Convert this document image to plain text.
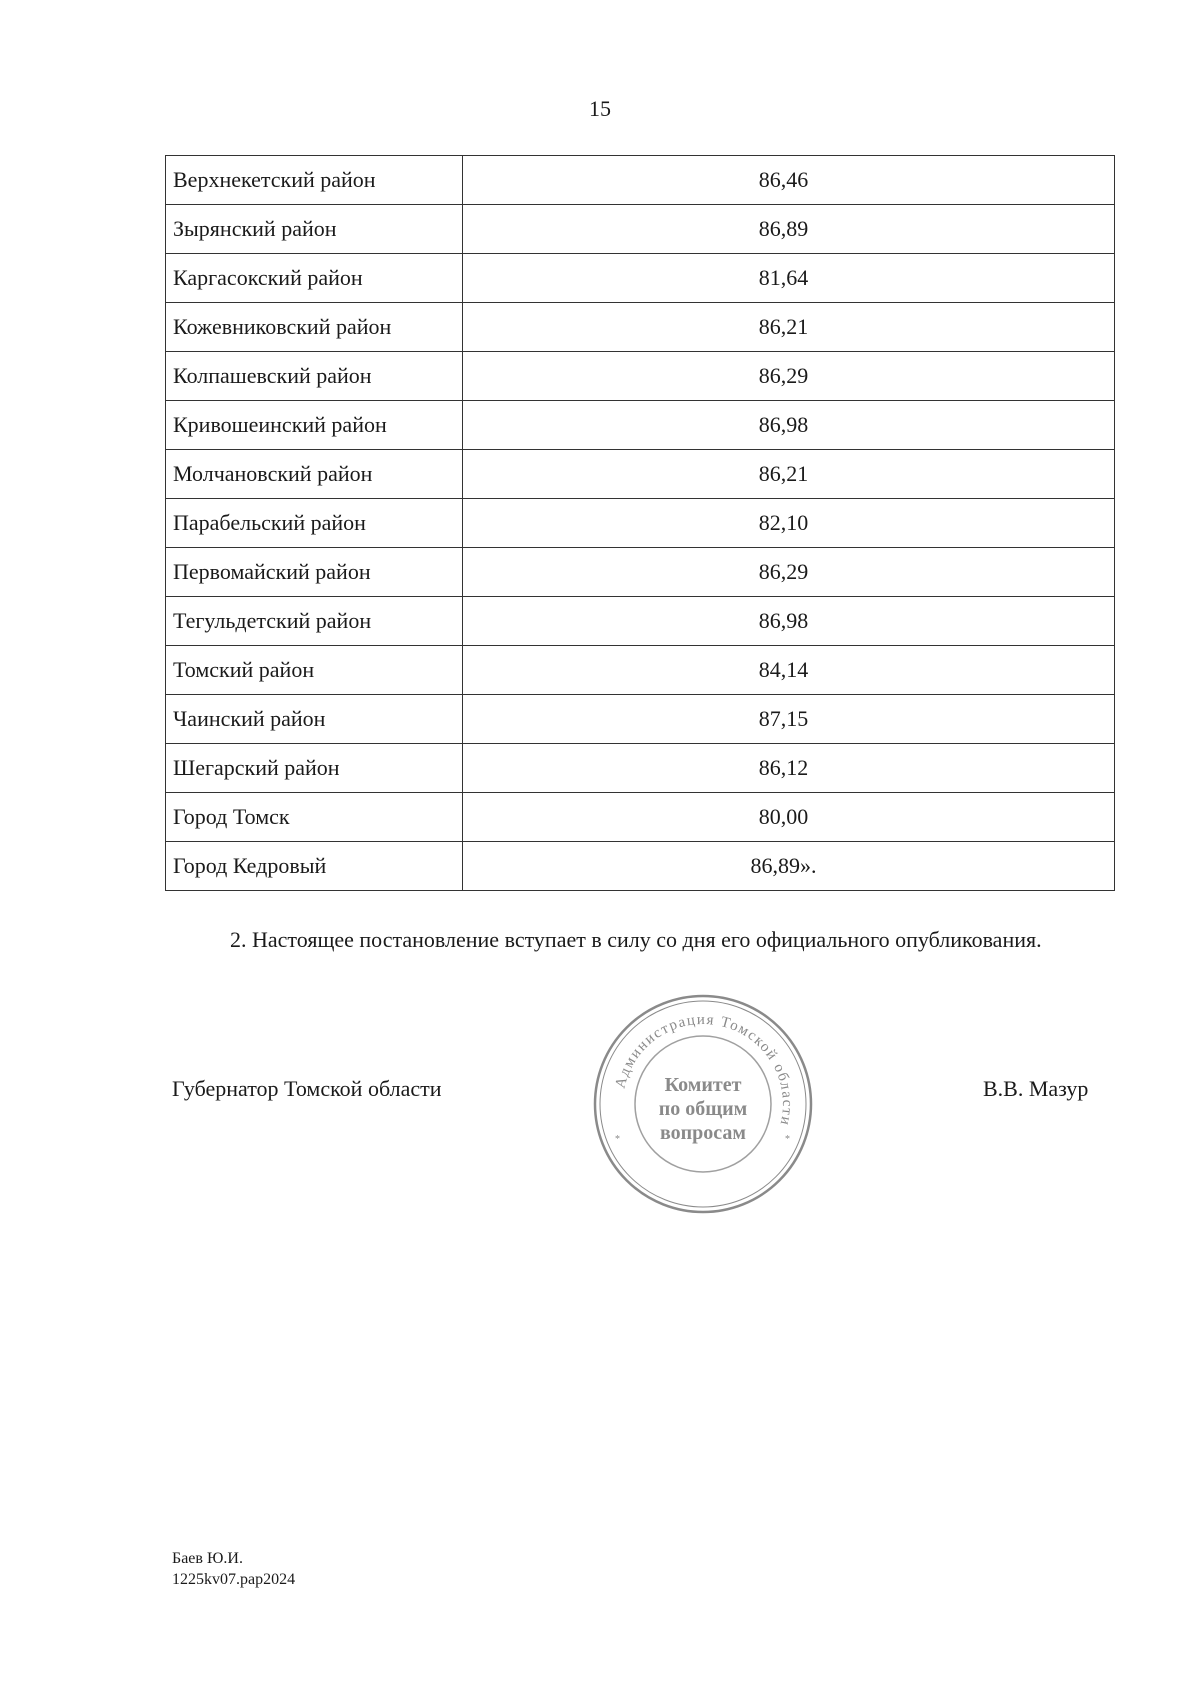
15
Верхнекетский район	86,46
Зырянский район	86,89
Каргасокский район	81,64
Кожевниковский район	86,21
Колпашевский район	86,29
Кривошеинский район	86,98
Молчановский район	86,21
Парабельский район	82,10
Первомайский район	86,29
Тегульдетский район	86,98
Томский район	84,14
Чаинский район	87,15
Шегарский район	86,12
Город Томск	80,00
Город Кедровый	86,89».

2. Настоящее постановление вступает в силу со дня его официального опубликования.

Губернатор Томской области	Администрация Томской области
*	*
Комитет
по общим
вопросам
В.В. Мазур
Баев Ю.И.
1225kv07.pap2024
